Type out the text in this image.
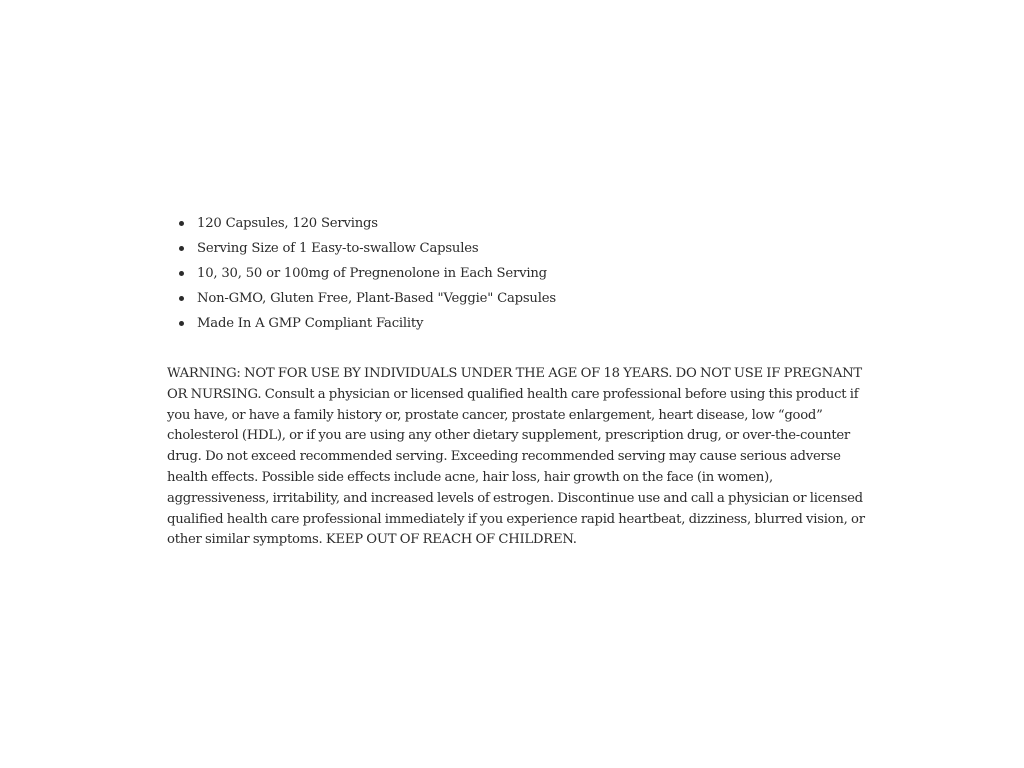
120 Capsules, 120 Servings
Serving Size of 1 Easy-to-swallow Capsules
10, 30, 50 or 100mg of Pregnenolone in Each Serving
Non-GMO, Gluten Free, Plant-Based "Veggie" Capsules
Made In A GMP Compliant Facility

WARNING: NOT FOR USE BY INDIVIDUALS UNDER THE AGE OF 18 YEARS. DO NOT USE IF PREGNANT OR NURSING. Consult a physician or licensed qualified health care professional before using this product if you have, or have a family history or, prostate cancer, prostate enlargement, heart disease, low “good” cholesterol (HDL), or if you are using any other dietary supplement, prescription drug, or over-the-counter drug. Do not exceed recommended serving. Exceeding recommended serving may cause serious adverse health effects. Possible side effects include acne, hair loss, hair growth on the face (in women), aggressiveness, irritability, and increased levels of estrogen. Discontinue use and call a physician or licensed qualified health care professional immediately if you experience rapid heartbeat, dizziness, blurred vision, or other similar symptoms. KEEP OUT OF REACH OF CHILDREN.
